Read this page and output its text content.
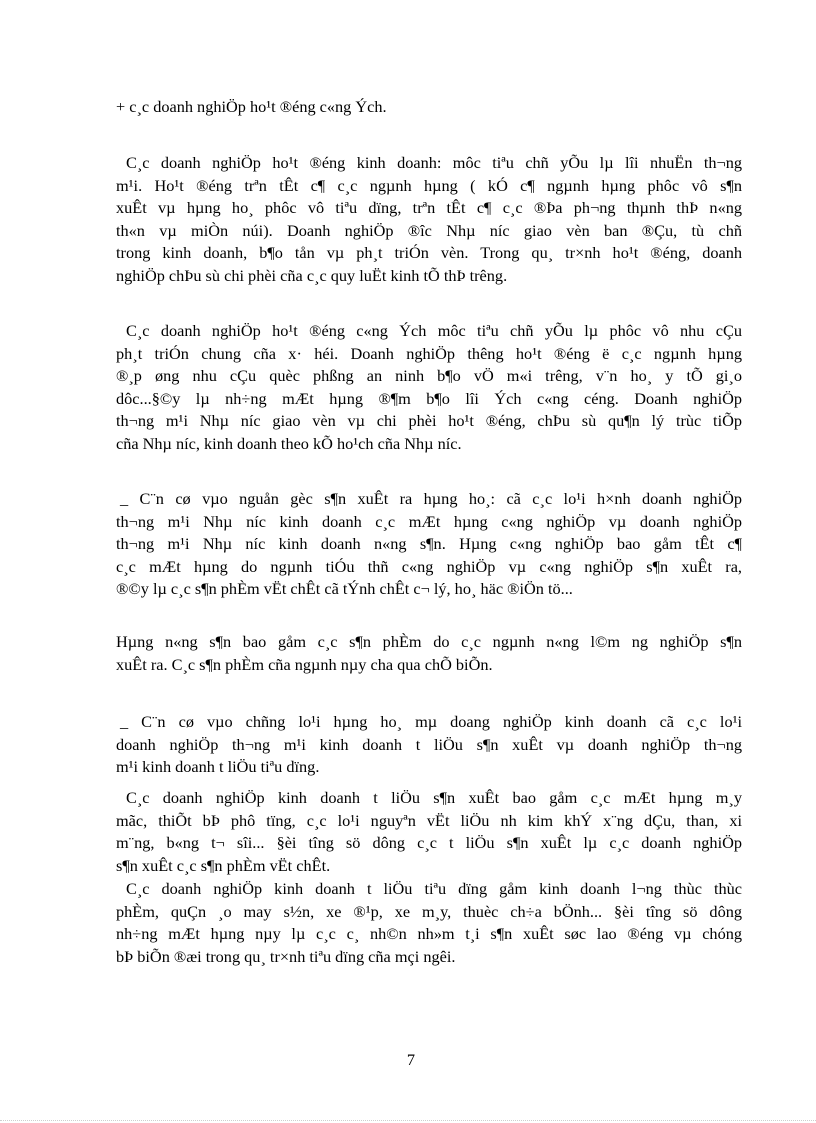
+ c¸c doanh nghiÖp ho¹t ®éng c«ng Ých.

C¸c doanh nghiÖp ho¹t ®éng kinh doanh: môc tiªu chñ yÕu lµ lîi nhuËn th¬ng
m¹i. Ho¹t ®éng trªn tÊt c¶ c¸c ngµnh hµng ( kÓ c¶ ngµnh hµng phôc vô s¶n
xuÊt vµ hµng ho¸ phôc vô tiªu dïng, trªn tÊt c¶ c¸c ®Þa ph¬ng thµnh thÞ n«ng
th«n vµ miÒn núi). Doanh nghiÖp ®îc Nhµ níc giao vèn ban ®Çu, tù chñ
trong kinh doanh, b¶o tån vµ ph¸t triÓn vèn. Trong qu¸ tr×nh ho¹t ®éng, doanh
nghiÖp chÞu sù chi phèi cña c¸c quy luËt kinh tÕ thÞ trêng.

C¸c doanh nghiÖp ho¹t ®éng c«ng Ých môc tiªu chñ yÕu lµ phôc vô nhu cÇu
ph¸t triÓn chung cña x· héi. Doanh nghiÖp thêng ho¹t ®éng ë c¸c ngµnh hµng
®¸p øng nhu cÇu quèc phßng an ninh b¶o vÖ m«i trêng, v¨n ho¸ y tÕ gi¸o
dôc...§©y lµ nh÷ng mÆt hµng ®¶m b¶o lîi Ých c«ng céng. Doanh nghiÖp
th¬ng m¹i Nhµ níc giao vèn vµ chi phèi ho¹t ®éng, chÞu sù qu¶n lý trùc tiÕp
cña Nhµ níc, kinh doanh theo kÕ ho¹ch cña Nhµ níc.

_ C¨n cø vµo nguån gèc s¶n xuÊt ra hµng ho¸: cã c¸c lo¹i h×nh doanh nghiÖp
th¬ng m¹i Nhµ níc kinh doanh c¸c mÆt hµng c«ng nghiÖp vµ doanh nghiÖp
th¬ng m¹i Nhµ níc kinh doanh n«ng s¶n. Hµng c«ng nghiÖp bao gåm tÊt c¶
c¸c mÆt hµng do ngµnh tiÓu thñ c«ng nghiÖp vµ c«ng nghiÖp s¶n xuÊt ra,
®©y lµ c¸c s¶n phÈm vËt chÊt cã tÝnh chÊt c¬ lý, ho¸ häc ®iÖn tö...

Hµng n«ng s¶n bao gåm c¸c s¶n phÈm do c¸c ngµnh n«ng l©m ng nghiÖp s¶n
xuÊt ra. C¸c s¶n phÈm cña ngµnh nµy cha qua chÕ biÕn.

_ C¨n cø vµo chñng lo¹i hµng ho¸ mµ doang nghiÖp kinh doanh cã c¸c lo¹i
doanh nghiÖp th¬ng m¹i kinh doanh t liÖu s¶n xuÊt vµ doanh nghiÖp th¬ng
m¹i kinh doanh t liÖu tiªu dïng.

C¸c doanh nghiÖp kinh doanh t liÖu s¶n xuÊt bao gåm c¸c mÆt hµng m¸y
mãc, thiÕt bÞ phô tïng, c¸c lo¹i nguyªn vËt liÖu nh kim khÝ x¨ng dÇu, than, xi
m¨ng, b«ng t¬ sîi... §èi tîng sö dông c¸c t liÖu s¶n xuÊt lµ c¸c doanh nghiÖp
s¶n xuÊt c¸c s¶n phÈm vËt chÊt.

C¸c doanh nghiÖp kinh doanh t liÖu tiªu dïng gåm kinh doanh l¬ng thùc thùc
phÈm, quÇn ¸o may s½n, xe ®¹p, xe m¸y, thuèc ch÷a bÖnh... §èi tîng sö dông
nh÷ng mÆt hµng nµy lµ c¸c c¸ nh©n nh»m t¸i s¶n xuÊt søc lao ®éng vµ chóng
bÞ biÕn ®æi trong qu¸ tr×nh tiªu dïng cña mçi ngêi.

7
